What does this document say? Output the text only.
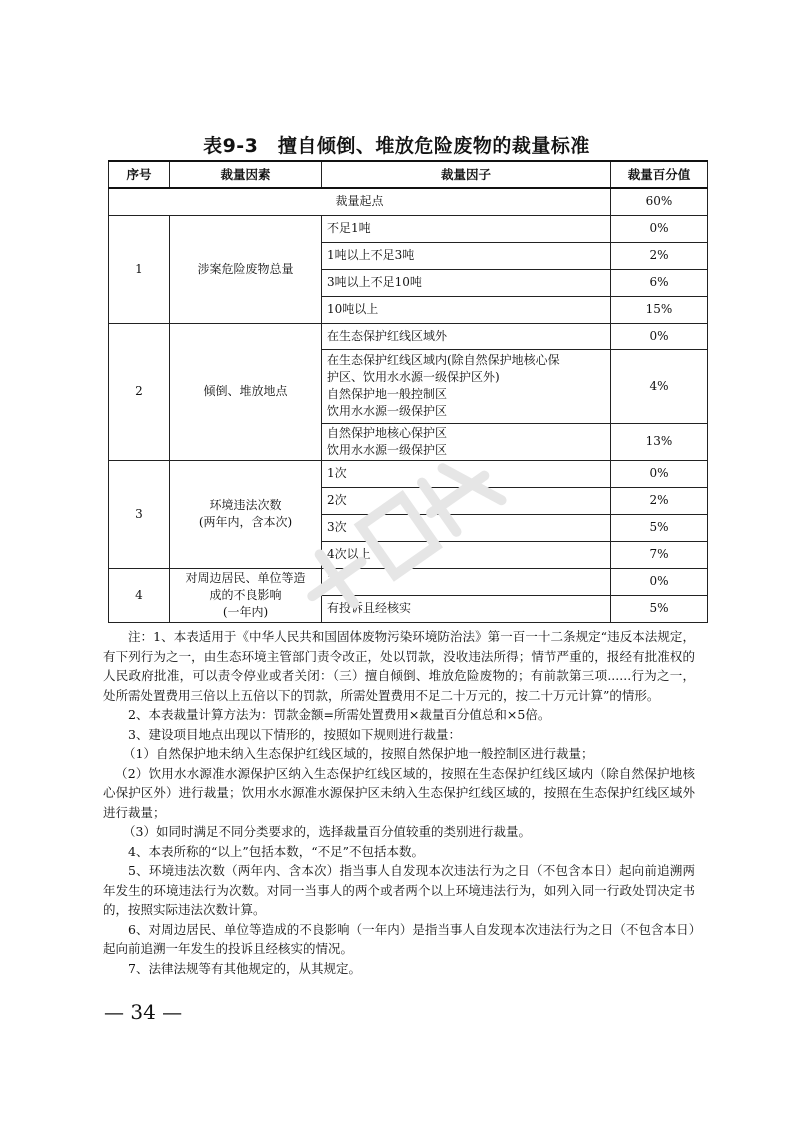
表9-3　擅自倾倒、堆放危险废物的裁量标准
序号	裁量因素	裁量因子	裁量百分值
裁量起点			60%
1	涉案危险废物总量	不足1吨	0%

		1吨以上不足3吨	2%

		3吨以上不足10吨	6%

		10吨以上	15%
2	倾倒、堆放地点	在生态保护红线区域外	0%

		在生态保护红线区域内(除自然保护地核心保
护区、饮用水水源一级保护区外)
自然保护地一般控制区
饮用水水源一级保护区	4%

		自然保护地核心保护区
饮用水水源一级保护区	13%
3	环境违法次数
(两年内，含本次)	1次	0%

		2次	2%

		3次	5%

		4次以上	7%
4	对周边居民、单位等造
成的不良影响
(一年内)	无	0%

		有投诉且经核实	5%

注：1、本表适用于《中华人民共和国固体废物污染环境防治法》第一百一十二条规定“违反本法规定，有下列行为之一，由生态环境主管部门责令改正，处以罚款，没收违法所得；情节严重的，报经有批准权的人民政府批准，可以责令停业或者关闭：（三）擅自倾倒、堆放危险废物的；有前款第三项......行为之一，处所需处置费用三倍以上五倍以下的罚款，所需处置费用不足二十万元的，按二十万元计算”的情形。

2、本表裁量计算方法为：罚款金额=所需处置费用×裁量百分值总和×5倍。

3、建设项目地点出现以下情形的，按照如下规则进行裁量：

（1）自然保护地未纳入生态保护红线区域的，按照自然保护地一般控制区进行裁量；

（2）饮用水水源准水源保护区纳入生态保护红线区域的，按照在生态保护红线区域内（除自然保护地核心保护区外）进行裁量；饮用水水源准水源保护区未纳入生态保护红线区域的，按照在生态保护红线区域外进行裁量；

（3）如同时满足不同分类要求的，选择裁量百分值较重的类别进行裁量。

4、本表所称的“以上”包括本数，“不足”不包括本数。

5、环境违法次数（两年内、含本次）指当事人自发现本次违法行为之日（不包含本日）起向前追溯两年发生的环境违法行为次数。对同一当事人的两个或者两个以上环境违法行为，如列入同一行政处罚决定书的，按照实际违法次数计算。

6、对周边居民、单位等造成的不良影响（一年内）是指当事人自发现本次违法行为之日（不包含本日）起向前追溯一年发生的投诉且经核实的情况。

7、法律法规等有其他规定的，从其规定。

— 34 —
